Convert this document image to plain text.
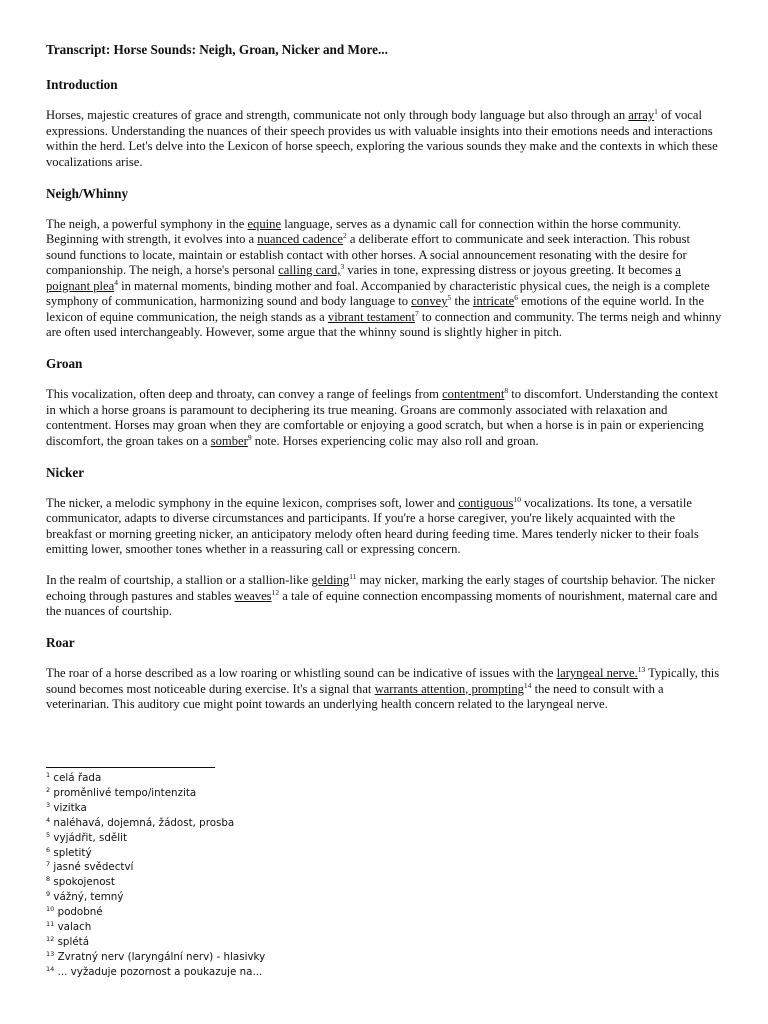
Transcript: Horse Sounds: Neigh, Groan, Nicker and More...
Introduction

Horses, majestic creatures of grace and strength, communicate not only through body language but also through an array$^1$ of vocal expressions. Understanding the nuances of their speech provides us with valuable insights into their emotions needs and interactions within the herd. Let's delve into the Lexicon of horse speech, exploring the various sounds they make and the contexts in which these vocalizations arise.

Neigh/Whinny

The neigh, a powerful symphony in the equine language, serves as a dynamic call for connection within the horse community. Beginning with strength, it evolves into a nuanced cadence$^2$ a deliberate effort to communicate and seek interaction. This robust sound functions to locate, maintain or establish contact with other horses. A social announcement resonating with the desire for companionship. The neigh, a horse's personal calling card,$^3$ varies in tone, expressing distress or joyous greeting. It becomes a poignant plea$^4$ in maternal moments, binding mother and foal. Accompanied by characteristic physical cues, the neigh is a complete symphony of communication, harmonizing sound and body language to convey$^5$ the intricate$^6$ emotions of the equine world. In the lexicon of equine communication, the neigh stands as a vibrant testament$^7$ to connection and community. The terms neigh and whinny are often used interchangeably. However, some argue that the whinny sound is slightly higher in pitch.

Groan

This vocalization, often deep and throaty, can convey a range of feelings from contentment$^8$ to discomfort. Understanding the context in which a horse groans is paramount to deciphering its true meaning. Groans are commonly associated with relaxation and contentment. Horses may groan when they are comfortable or enjoying a good scratch, but when a horse is in pain or experiencing discomfort, the groan takes on a somber$^9$ note. Horses experiencing colic may also roll and groan.

Nicker

The nicker, a melodic symphony in the equine lexicon, comprises soft, lower and contiguous$^{10}$ vocalizations. Its tone, a versatile communicator, adapts to diverse circumstances and participants. If you're a horse caregiver, you're likely acquainted with the breakfast or morning greeting nicker, an anticipatory melody often heard during feeding time. Mares tenderly nicker to their foals emitting lower, smoother tones whether in a reassuring call or expressing concern.

In the realm of courtship, a stallion or a stallion-like gelding$^{11}$ may nicker, marking the early stages of courtship behavior. The nicker echoing through pastures and stables weaves$^{12}$ a tale of equine connection encompassing moments of nourishment, maternal care and the nuances of courtship.

Roar

The roar of a horse described as a low roaring or whistling sound can be indicative of issues with the laryngeal nerve.$^{13}$ Typically, this sound becomes most noticeable during exercise. It's a signal that warrants attention, prompting$^{14}$ the need to consult with a veterinarian. This auditory cue might point towards an underlying health concern related to the laryngeal nerve.

$^1$ celá řada
$^2$ proměnlivé tempo/intenzita
$^3$ vizitka
$^4$ naléhavá, dojemná, žádost, prosba
$^5$ vyjádřit, sdělit
$^6$ spletitý
$^7$ jasné svědectví
$^8$ spokojenost
$^9$ vážný, temný
$^{10}$ podobné
$^{11}$ valach
$^{12}$ splétá
$^{13}$ Zvratný nerv (laryngální nerv) - hlasivky
$^{14}$ ... vyžaduje pozornost a poukazuje na...
